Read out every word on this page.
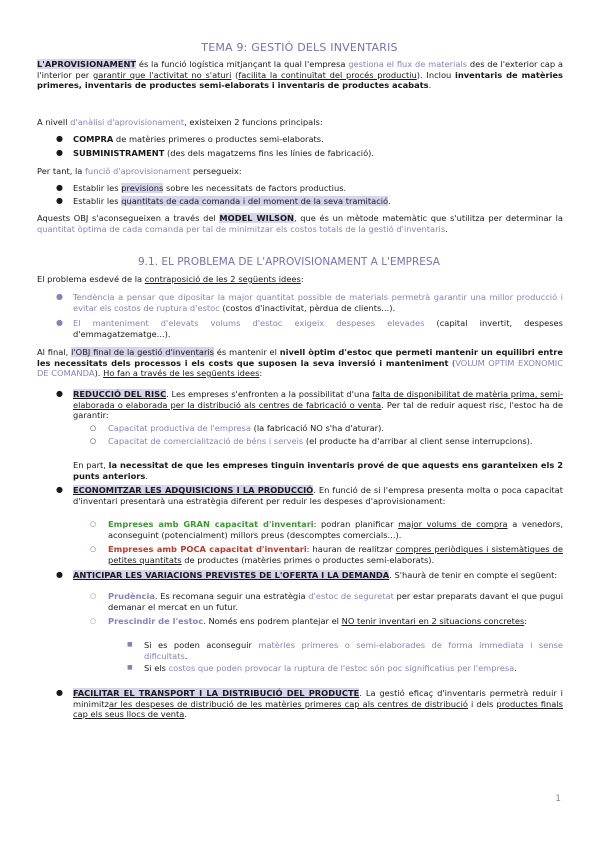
TEMA 9: GESTIÓ DELS INVENTARIS
L'APROVISIONAMENT és la funció logística mitjançant la qual l'empresa gestiona el flux de materials des de l'exterior cap a l'interior per garantir que l'activitat no s'aturi (facilita la continuïtat del procés productiu). Inclou inventaris de matèries primeres, inventaris de productes semi-elaborats i inventaris de productes acabats.
A nivell d'anàlisi d'aprovisionament, existeixen 2 funcions principals:
● COMPRA de matèries primeres o productes semi-elaborats.
● SUBMINISTRAMENT (des dels magatzems fins les línies de fabricació).
Per tant, la funció d'aprovisionament persegueix:
● Establir les previsions sobre les necessitats de factors productius.
● Establir les quantitats de cada comanda i del moment de la seva tramitació.
Aquests OBJ s'aconsegueixen a través del MODEL WILSON, que és un mètode matemàtic que s'utilitza per determinar la quantitat òptima de cada comanda per tal de minimitzar els costos totals de la gestió d'inventaris.
9.1. EL PROBLEMA DE L'APROVISIONAMENT A L'EMPRESA
El problema esdevé de la contraposició de les 2 següents idees:
● Tendència a pensar que dipositar la major quantitat possible de materials permetrà garantir una millor producció i evitar els costos de ruptura d'estoc (costos d'inactivitat, pèrdua de clients...).
● El manteniment d'elevats volums d'estoc exigeix despeses elevades (capital invertit, despeses d'emmagatzematge...).
Al final, l'OBJ final de la gestió d'inventaris és mantenir el nivell òptim d'estoc que permeti mantenir un equilibri entre les necessitats dels processos i els costs que suposen la seva inversió i manteniment (VOLUM OPTIM EXONOMIC DE COMANDA). Ho fan a través de les següents idees:
● REDUCCIÓ DEL RISC. Les empreses s'enfronten a la possibilitat d'una falta de disponibilitat de matèria prima, semi-elaborada o elaborada per la distribució als centres de fabricació o venta. Per tal de reduir aquest risc, l'estoc ha de garantir:
○ Capacitat productiva de l'empresa (la fabricació NO s'ha d'aturar).
○ Capacitat de comercialització de béns i serveis (el producte ha d'arribar al client sense interrupcions).
En part, la necessitat de que les empreses tinguin inventaris prové de que aquests ens garanteixen els 2 punts anteriors.
● ECONOMITZAR LES ADQUISICIONS I LA PRODUCCIÓ. En funció de si l'empresa presenta molta o poca capacitat d'inventari presentarà una estratègia diferent per reduir les despeses d'aprovisionament:
○ Empreses amb GRAN capacitat d'inventari: podran planificar major volums de compra a venedors, aconseguint (potencialment) millors preus (descomptes comercials...).
○ Empreses amb POCA capacitat d'inventari: hauran de realitzar compres periòdiques i sistemàtiques de petites quantitats de productes (matèries primes o productes semi-elaborats).
● ANTICIPAR LES VARIACIONS PREVISTES DE L'OFERTA I LA DEMANDA. S'haurà de tenir en compte el següent:
○ Prudència. Es recomana seguir una estratègia d'estoc de seguretat per estar preparats davant el que pugui demanar el mercat en un futur.
○ Prescindir de l'estoc. Només ens podrem plantejar el NO tenir inventari en 2 situacions concretes:
■ Si es poden aconseguir matèries primeres o semi-elaborades de forma immediata i sense dificultats.
■ Si els costos que poden provocar la ruptura de l'estoc són poc significatius per l'empresa.
● FACILITAR EL TRANSPORT I LA DISTRIBUCIÓ DEL PRODUCTE. La gestió eficaç d'inventaris permetrà reduir i minimitzar les despeses de distribució de les matèries primeres cap als centres de distribució i dels productes finals cap els seus llocs de venta.
1
